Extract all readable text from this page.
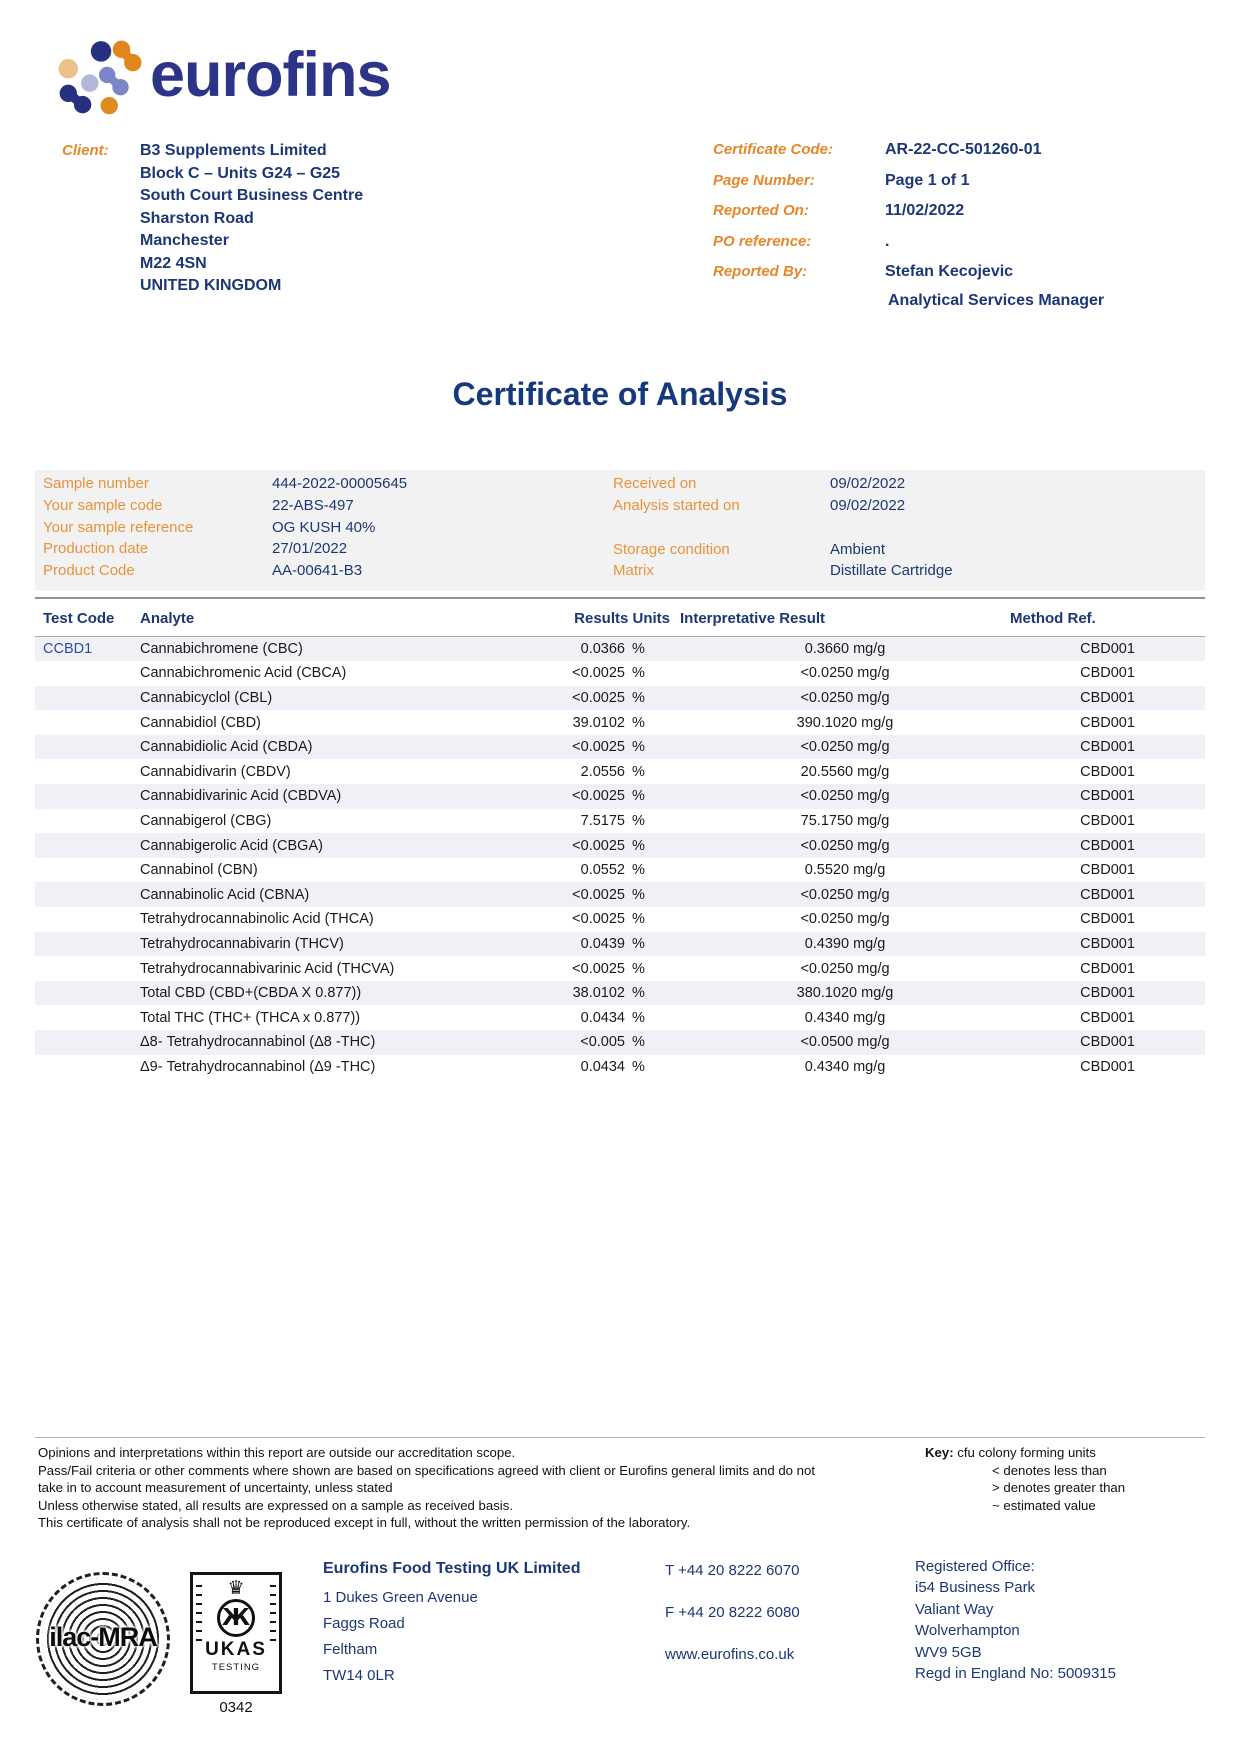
eurofins
Client: B3 Supplements Limited
Block C – Units G24 – G25
South Court Business Centre
Sharston Road
Manchester
M22 4SN
UNITED KINGDOM
Certificate Code:	AR-22-CC-501260-01
Page Number:	Page 1 of 1
Reported On:	11/02/2022
PO reference:	.
Reported By:	Stefan Kecojevic
Analytical Services Manager
Certificate of Analysis
Sample number	444-2022-00005645
Your sample code	22-ABS-497
Your sample reference	OG KUSH 40%
Production date	27/01/2022
Product Code	AA-00641-B3
Received on	09/02/2022
Analysis started on	09/02/2022
Storage condition	Ambient
Matrix	Distillate Cartridge
Test Code	Analyte	Results Units		Interpretative Result	Method Ref.
CCBD1	Cannabichromene (CBC)	0.0366	%	0.3660 mg/g	CBD001
	Cannabichromenic Acid (CBCA)	<0.0025	%	<0.0250 mg/g	CBD001
	Cannabicyclol (CBL)	<0.0025	%	<0.0250 mg/g	CBD001
	Cannabidiol (CBD)	39.0102	%	390.1020 mg/g	CBD001
	Cannabidiolic Acid (CBDA)	<0.0025	%	<0.0250 mg/g	CBD001
	Cannabidivarin (CBDV)	2.0556	%	20.5560 mg/g	CBD001
	Cannabidivarinic Acid (CBDVA)	<0.0025	%	<0.0250 mg/g	CBD001
	Cannabigerol (CBG)	7.5175	%	75.1750 mg/g	CBD001
	Cannabigerolic Acid (CBGA)	<0.0025	%	<0.0250 mg/g	CBD001
	Cannabinol (CBN)	0.0552	%	0.5520 mg/g	CBD001
	Cannabinolic Acid (CBNA)	<0.0025	%	<0.0250 mg/g	CBD001
	Tetrahydrocannabinolic Acid (THCA)	<0.0025	%	<0.0250 mg/g	CBD001
	Tetrahydrocannabivarin (THCV)	0.0439	%	0.4390 mg/g	CBD001
	Tetrahydrocannabivarinic Acid (THCVA)	<0.0025	%	<0.0250 mg/g	CBD001
	Total CBD (CBD+(CBDA X 0.877))	38.0102	%	380.1020 mg/g	CBD001
	Total THC (THC+ (THCA x 0.877))	0.0434	%	0.4340 mg/g	CBD001
	Δ8- Tetrahydrocannabinol (Δ8 -THC)	<0.005	%	<0.0500 mg/g	CBD001
	Δ9- Tetrahydrocannabinol (Δ9 -THC)	0.0434	%	0.4340 mg/g	CBD001
Opinions and interpretations within this report are outside our accreditation scope.
Pass/Fail criteria or other comments where shown are based on specifications agreed with client or Eurofins general limits and do not
take in to account measurement of uncertainty, unless stated
Unless otherwise stated, all results are expressed on a sample as received basis.
This certificate of analysis shall not be reproduced except in full, without the written permission of the laboratory.
Key: cfu colony forming units
< denotes less than
> denotes greater than
~ estimated value
ilac-MRA
♛
Ж
UKAS
TESTING
0342
Eurofins Food Testing UK Limited
1 Dukes Green Avenue
Faggs Road
Feltham
TW14 0LR
T +44 20 8222 6070
F +44 20 8222 6080
www.eurofins.co.uk
Registered Office:
i54 Business Park
Valiant Way
Wolverhampton
WV9 5GB
Regd in England No: 5009315
